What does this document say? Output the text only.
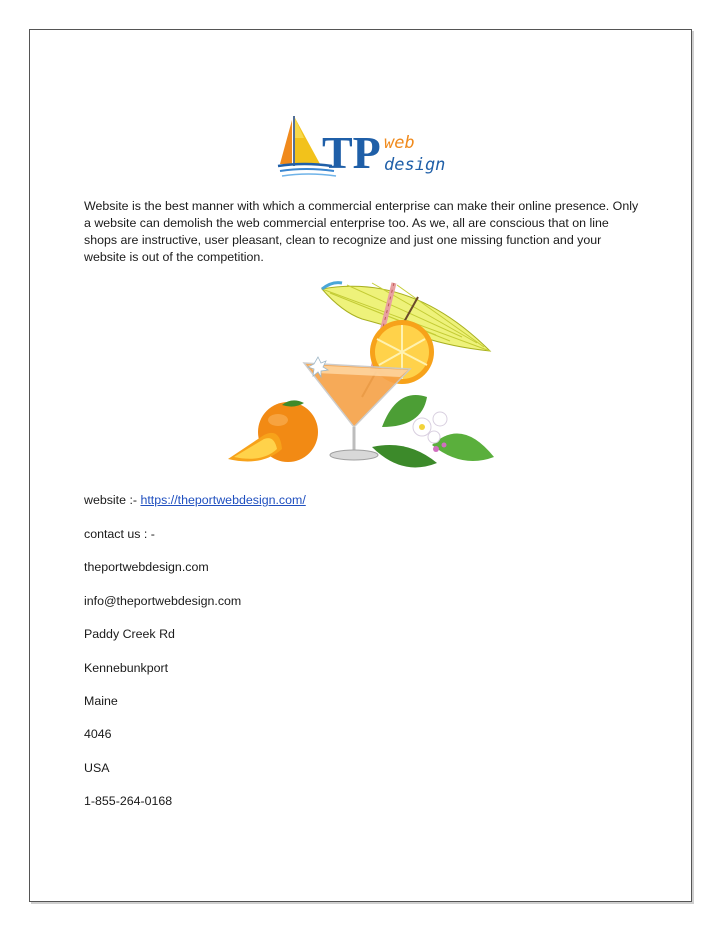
TP web
design

Website is the best manner with which a commercial enterprise can make their online presence. Only a website can demolish the web commercial enterprise too. As we, all are conscious that on line shops are instructive, user pleasant, clean to recognize and just one missing function and your website is out of the competition.

website :- https://theportwebdesign.com/

contact us : -

theportwebdesign.com

info@theportwebdesign.com

Paddy Creek Rd

Kennebunkport

Maine

4046

USA

1-855-264-0168
